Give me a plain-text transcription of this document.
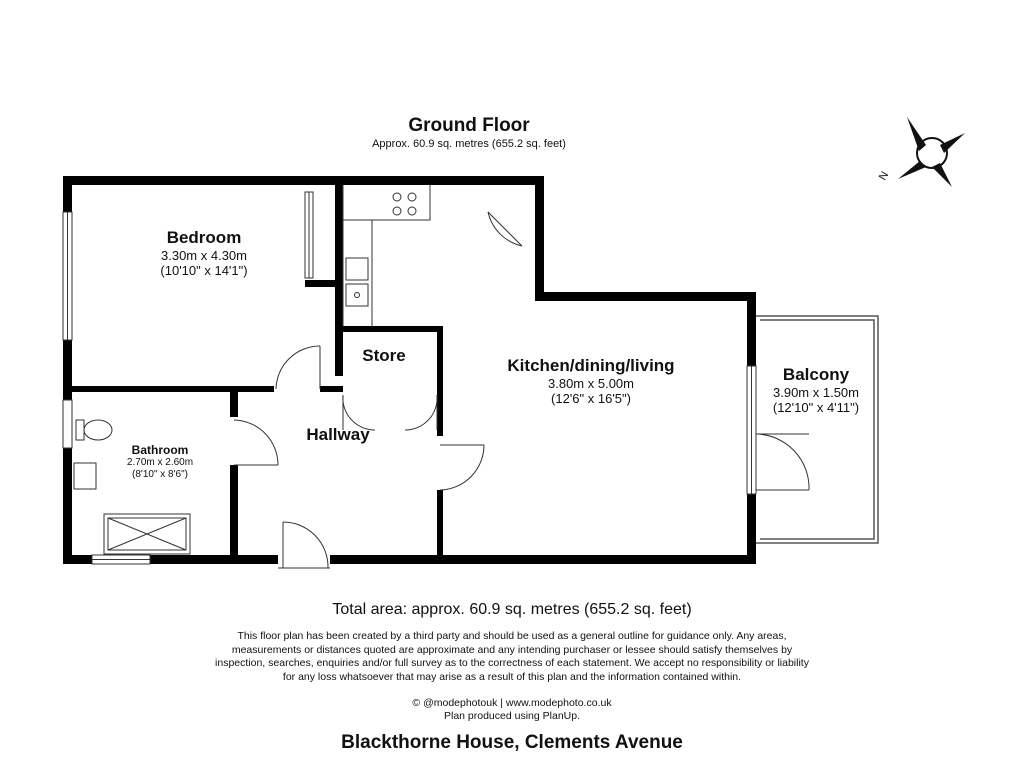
Ground Floor
Approx. 60.9 sq. metres (655.2 sq. feet)
N
Bedroom
3.30m x 4.30m
(10'10" x 14'1")
Store
Hallway
Kitchen/dining/living
3.80m x 5.00m
(12'6" x 16'5")
Bathroom
2.70m x 2.60m
(8'10" x 8'6")
Balcony
3.90m x 1.50m
(12'10" x 4'11")
Total area: approx. 60.9 sq. metres (655.2 sq. feet)
This floor plan has been created by a third party and should be used as a general outline for guidance only. Any areas,
measurements or distances quoted are approximate and any intending purchaser or lessee should satisfy themselves by
inspection, searches, enquiries and/or full survey as to the correctness of each statement. We accept no responsibility or liability
for any loss whatsoever that may arise as a result of this plan and the information contained within.
© @modephotouk | www.modephoto.co.uk
Plan produced using PlanUp.
Blackthorne House, Clements Avenue
